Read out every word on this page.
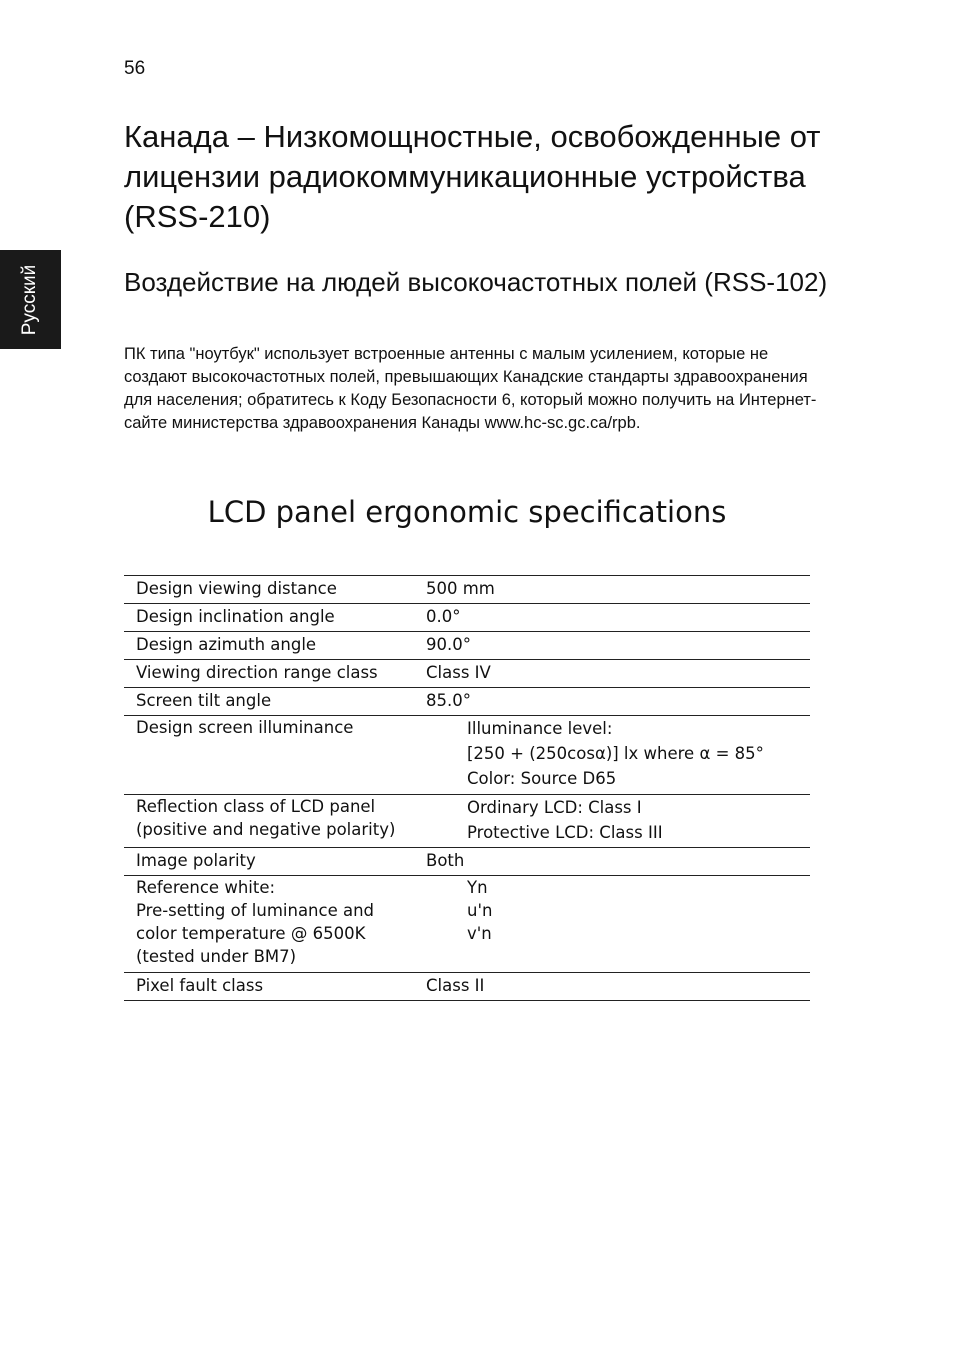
56
Русский
Канада – Низкомощностные, освобожденные от лицензии радиокоммуникационные устройства (RSS-210)
Воздействие на людей высокочастотных полей (RSS-102)

ПК типа "ноутбук" использует встроенные антенны с малым усилением, которые не создают высокочастотных полей, превышающих Канадские стандарты здравоохранения для населения; обратитесь к Коду Безопасности 6, который можно получить на Интернет-сайте министерства здравоохранения Канады www.hc-sc.gc.ca/rpb.

LCD panel ergonomic specifications
Design viewing distance	500 mm

Design inclination angle	0.0°

Design azimuth angle	90.0°

Viewing direction range class	Class IV

Screen tilt angle	85.0°

Design screen illuminance	Illuminance level:
[250 + (250cosα)] lx where α = 85°
Color: Source D65

Reflection class of LCD panel
(positive and negative polarity)	Ordinary LCD: Class I
Protective LCD: Class III

Image polarity	Both

Reference white:
Pre-setting of luminance and
color temperature @ 6500K
(tested under BM7)	Yn
u'n
v'n

Pixel fault class	Class II
